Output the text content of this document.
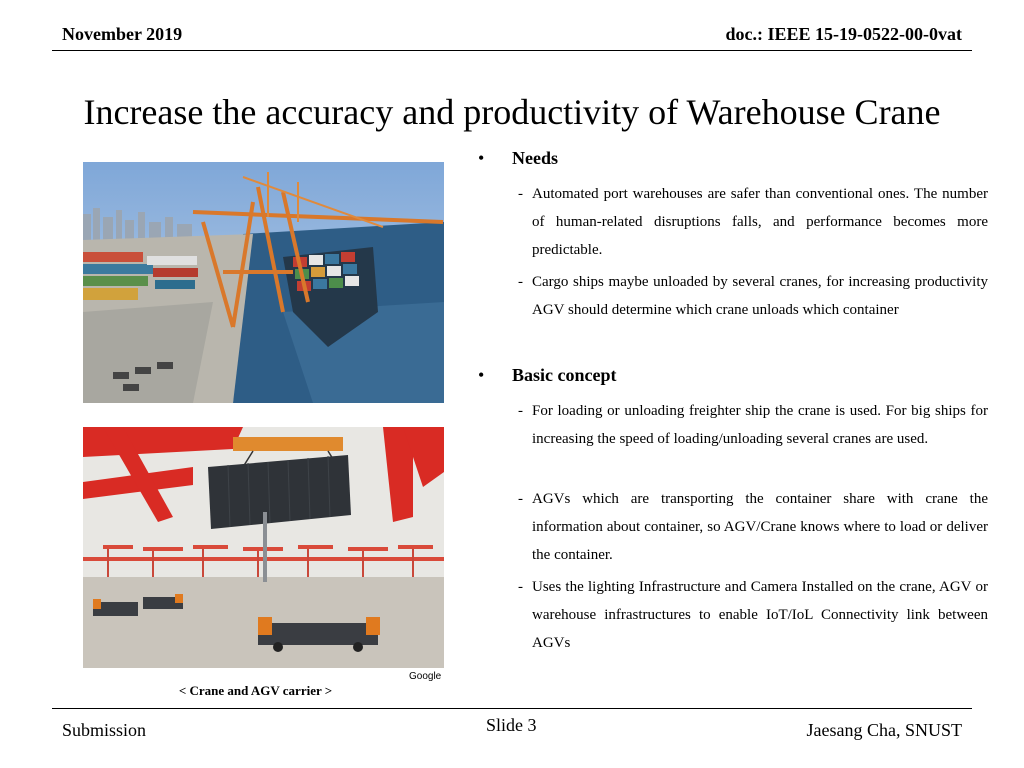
November 2019	doc.: IEEE 15-19-0522-00-0vat
Increase the accuracy and productivity of Warehouse Crane
Google
< Crane and AGV carrier >
• Needs
- Automated port warehouses are safer than conventional ones. The number of human-related disruptions falls, and performance becomes more predictable.
- Cargo ships maybe unloaded by several cranes, for increasing productivity AGV should determine which crane unloads which container
• Basic concept
- For loading or unloading freighter ship the crane is used. For big ships for increasing the speed of loading/unloading several cranes are used.
- AGVs which are transporting the container share with crane the information about container, so AGV/Crane knows where to load or deliver the container.
- Uses the lighting Infrastructure and Camera Installed on the crane, AGV or warehouse infrastructures to enable IoT/IoL Connectivity link between AGVs
Submission	Slide 3	Jaesang Cha, SNUST
